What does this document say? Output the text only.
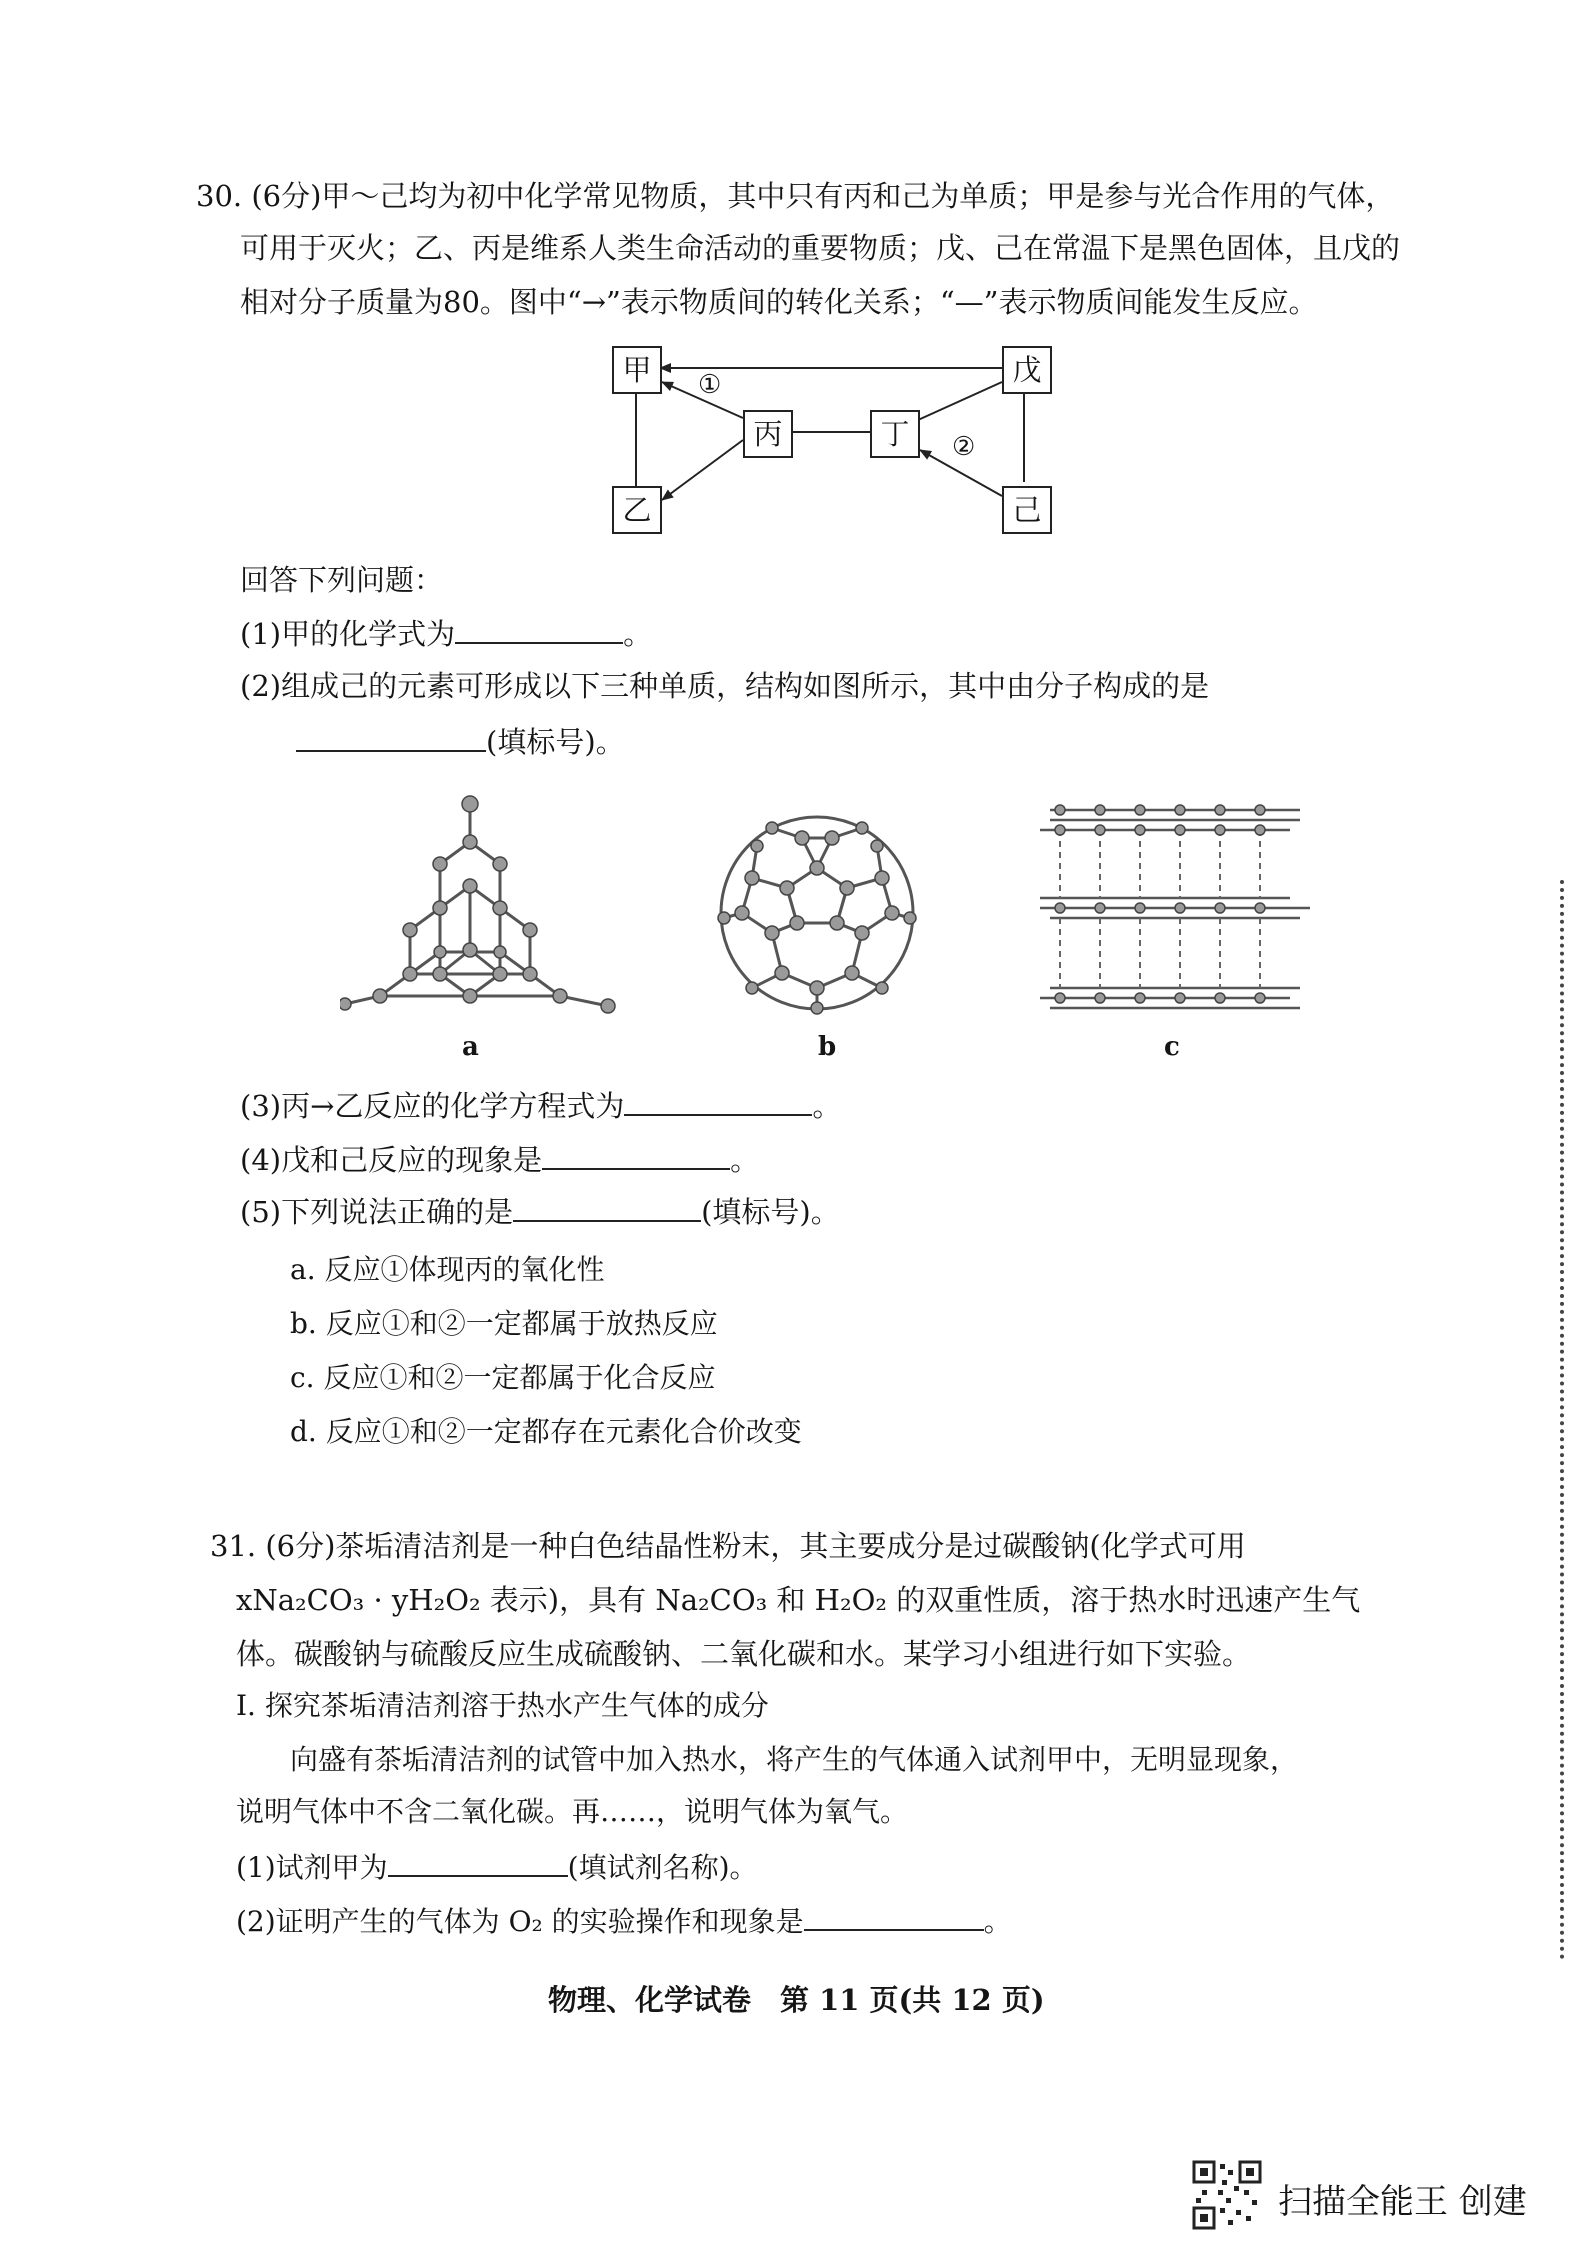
30. (6分)甲～己均为初中化学常见物质，其中只有丙和己为单质；甲是参与光合作用的气体，
可用于灭火；乙、丙是维系人类生命活动的重要物质；戊、己在常温下是黑色固体，且戊的
相对分子质量为80。图中“→”表示物质间的转化关系；“—”表示物质间能发生反应。
甲
乙
丙	丁
戊
己
①
②
回答下列问题：
(1)甲的化学式为	。
(2)组成己的元素可形成以下三种单质，结构如图所示，其中由分子构成的是
(填标号)。
a	b	c
(3)丙→乙反应的化学方程式为	。
(4)戊和己反应的现象是	。
(5)下列说法正确的是	(填标号)。
a. 反应①体现丙的氧化性
b. 反应①和②一定都属于放热反应
c. 反应①和②一定都属于化合反应
d. 反应①和②一定都存在元素化合价改变
31. (6分)茶垢清洁剂是一种白色结晶性粉末，其主要成分是过碳酸钠(化学式可用
xNa₂CO₃ · yH₂O₂ 表示)，具有 Na₂CO₃ 和 H₂O₂ 的双重性质，溶于热水时迅速产生气
体。碳酸钠与硫酸反应生成硫酸钠、二氧化碳和水。某学习小组进行如下实验。
I. 探究茶垢清洁剂溶于热水产生气体的成分
向盛有茶垢清洁剂的试管中加入热水，将产生的气体通入试剂甲中，无明显现象，
说明气体中不含二氧化碳。再……，说明气体为氧气。
(1)试剂甲为	(填试剂名称)。
(2)证明产生的气体为 O₂ 的实验操作和现象是	。
物理、化学试卷　第 11 页(共 12 页)
扫描全能王 创建
